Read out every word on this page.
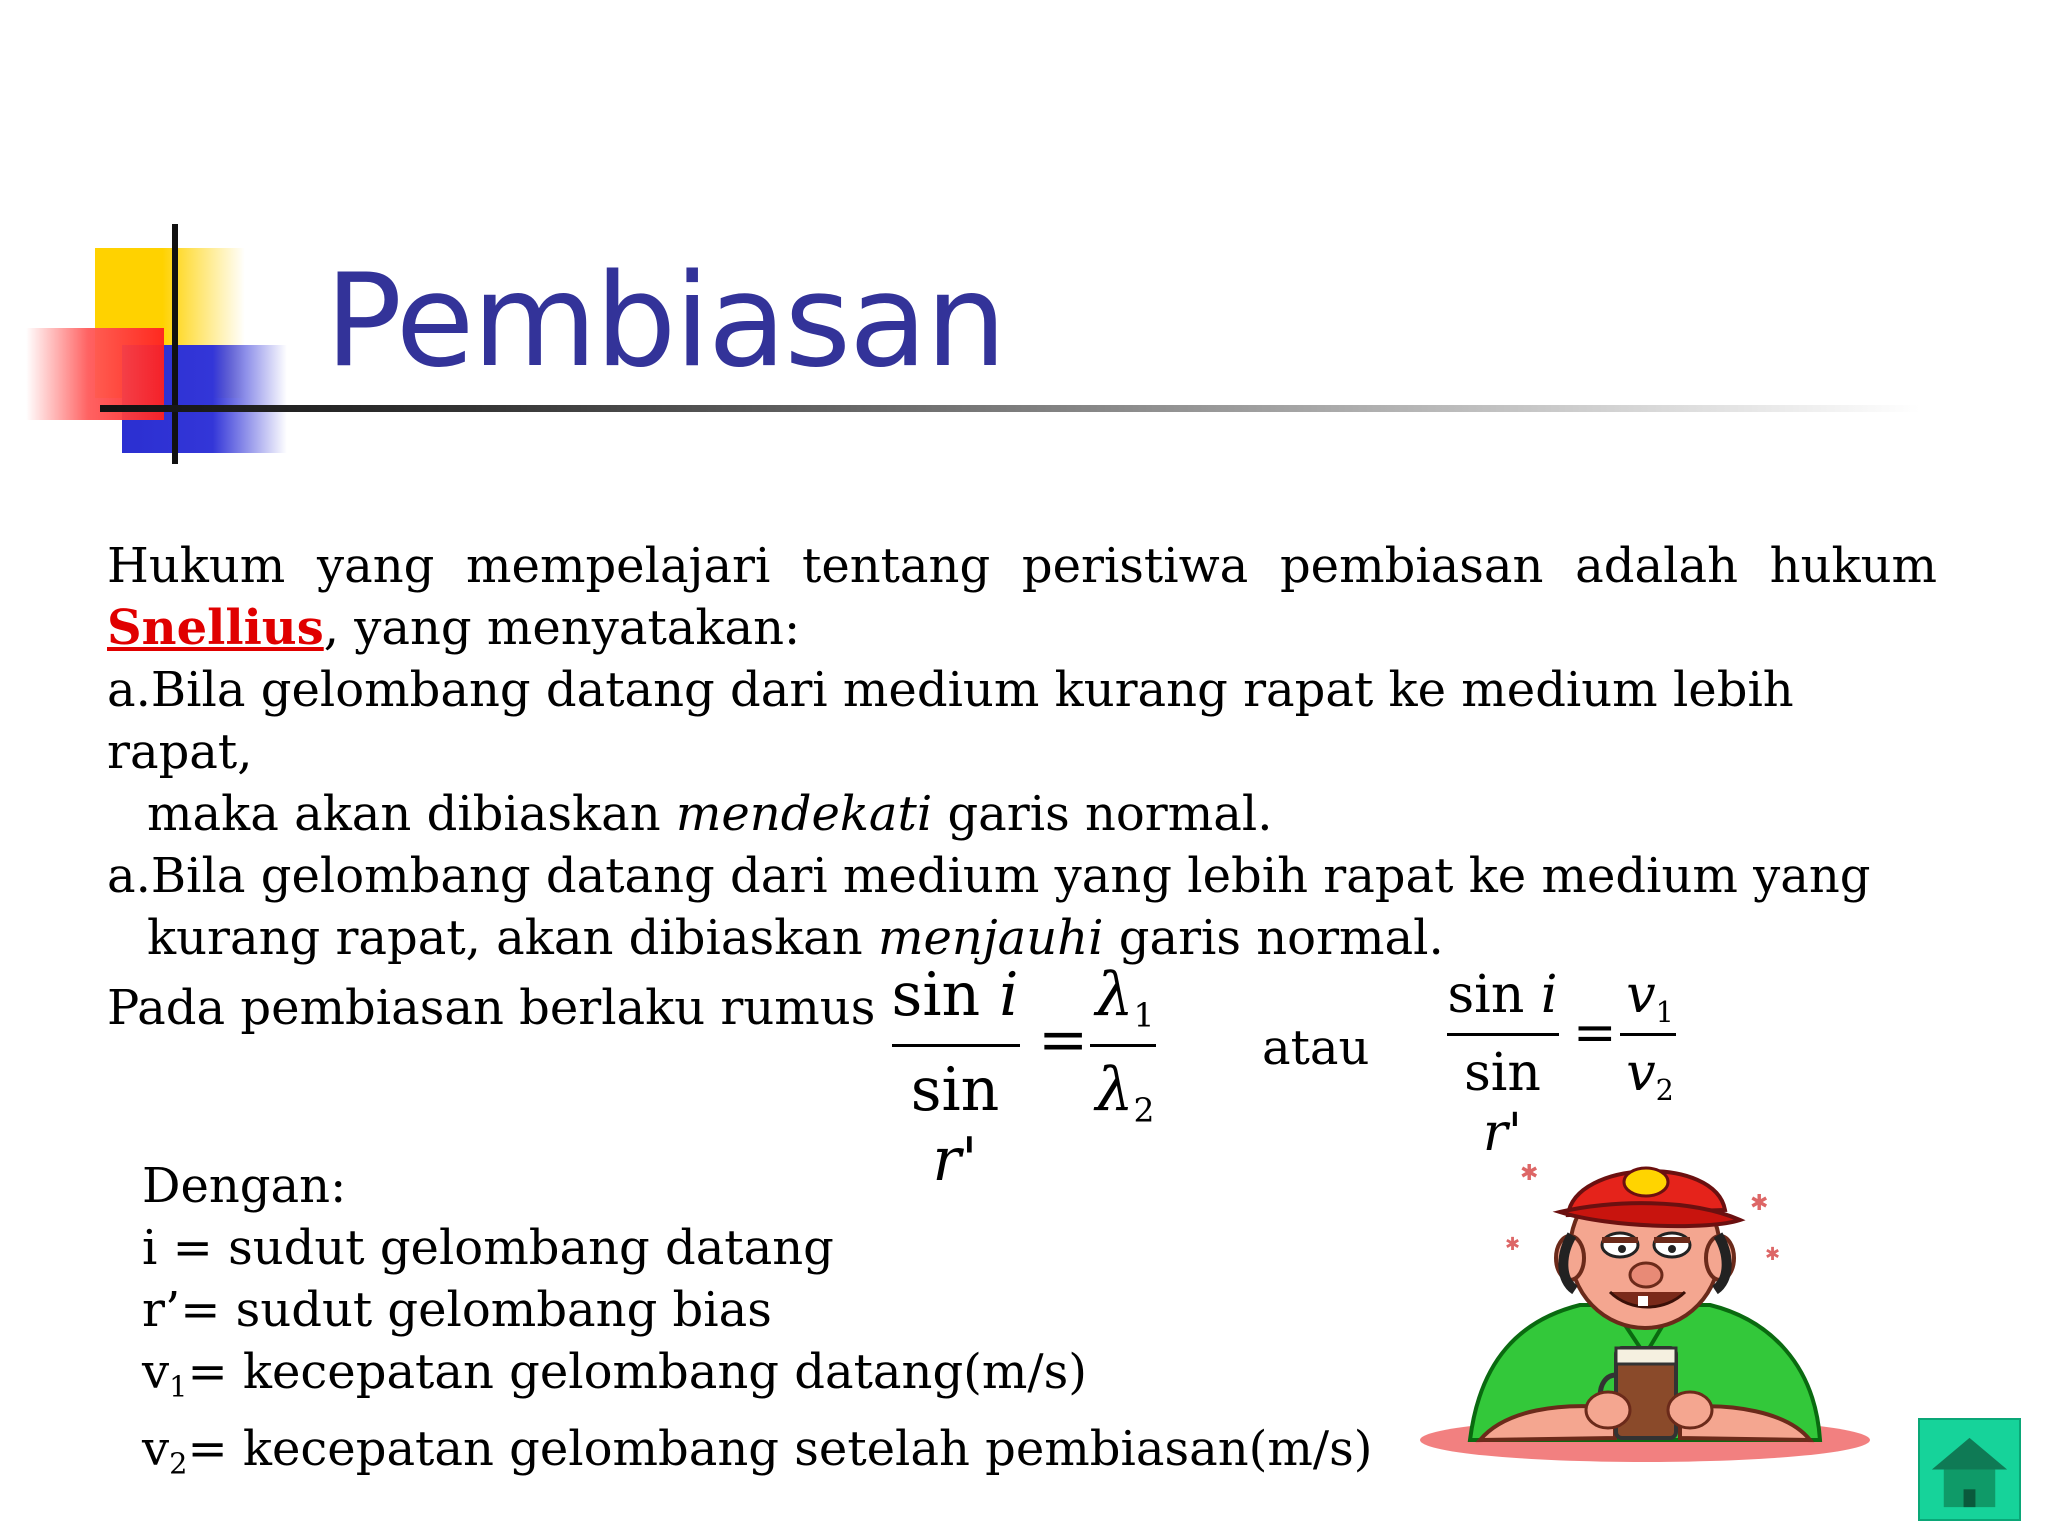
Pembiasan

Hukum yang mempelajari tentang peristiwa pembiasan adalah hukum

Snellius, yang menyatakan:

a.Bila gelombang datang dari medium kurang rapat ke medium lebih rapat,

maka akan dibiaskan mendekati garis normal.

a.Bila gelombang datang dari medium yang lebih rapat ke medium yang

kurang rapat, akan dibiaskan menjauhi garis normal.

Pada pembiasan berlaku rumus sin i
sin r'
=
$\lambda_1$
$\lambda_2$
atau
sin i
sin r'
=
$v_1$
$v_2$
Dengan:
i = sudut gelombang datang
r’= sudut gelombang bias
$v_1=$ kecepatan gelombang datang(m/s)
$v_2=$ kecepatan gelombang setelah pembiasan(m/s)
✱
✱
✱	✱
